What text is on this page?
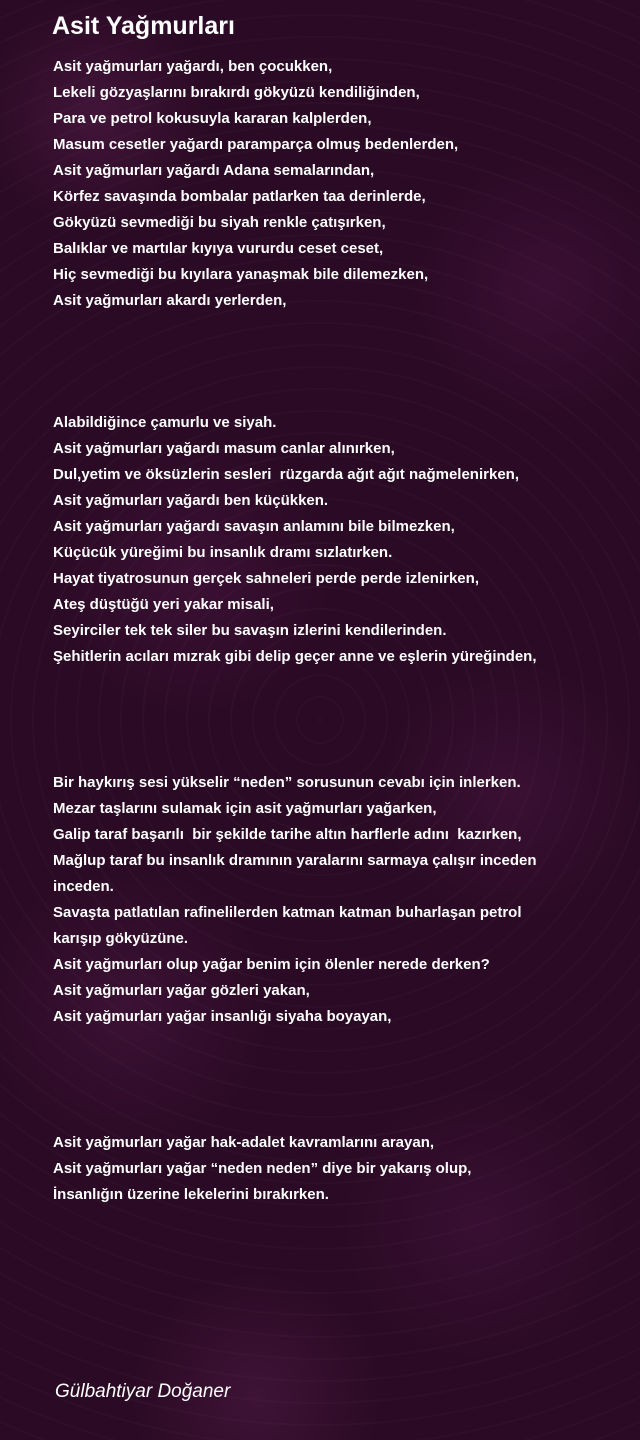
Asit Yağmurları
Asit yağmurları yağardı, ben çocukken,
Lekeli gözyaşlarını bırakırdı gökyüzü kendiliğinden,
Para ve petrol kokusuyla kararan kalplerden,
Masum cesetler yağardı paramparça olmuş bedenlerden,
Asit yağmurları yağardı Adana semalarından,
Körfez savaşında bombalar patlarken taa derinlerde,
Gökyüzü sevmediği bu siyah renkle çatışırken,
Balıklar ve martılar kıyıya vururdu ceset ceset,
Hiç sevmediği bu kıyılara yanaşmak bile dilemezken,
Asit yağmurları akardı yerlerden,
Alabildiğince çamurlu ve siyah.
Asit yağmurları yağardı masum canlar alınırken,
Dul,yetim ve öksüzlerin sesleri  rüzgarda ağıt ağıt nağmelenirken,
Asit yağmurları yağardı ben küçükken.
Asit yağmurları yağardı savaşın anlamını bile bilmezken,
Küçücük yüreğimi bu insanlık dramı sızlatırken.
Hayat tiyatrosunun gerçek sahneleri perde perde izlenirken,
Ateş düştüğü yeri yakar misali,
Seyirciler tek tek siler bu savaşın izlerini kendilerinden.
Şehitlerin acıları mızrak gibi delip geçer anne ve eşlerin yüreğinden,
Bir haykırış sesi yükselir “neden” sorusunun cevabı için inlerken.
Mezar taşlarını sulamak için asit yağmurları yağarken,
Galip taraf başarılı  bir şekilde tarihe altın harflerle adını  kazırken,
Mağlup taraf bu insanlık dramının yaralarını sarmaya çalışır inceden
inceden.
Savaşta patlatılan rafinelilerden katman katman buharlaşan petrol
karışıp gökyüzüne.
Asit yağmurları olup yağar benim için ölenler nerede derken?
Asit yağmurları yağar gözleri yakan,
Asit yağmurları yağar insanlığı siyaha boyayan,
Asit yağmurları yağar hak-adalet kavramlarını arayan,
Asit yağmurları yağar “neden neden” diye bir yakarış olup,
İnsanlığın üzerine lekelerini bırakırken.
Gülbahtiyar Doğaner
